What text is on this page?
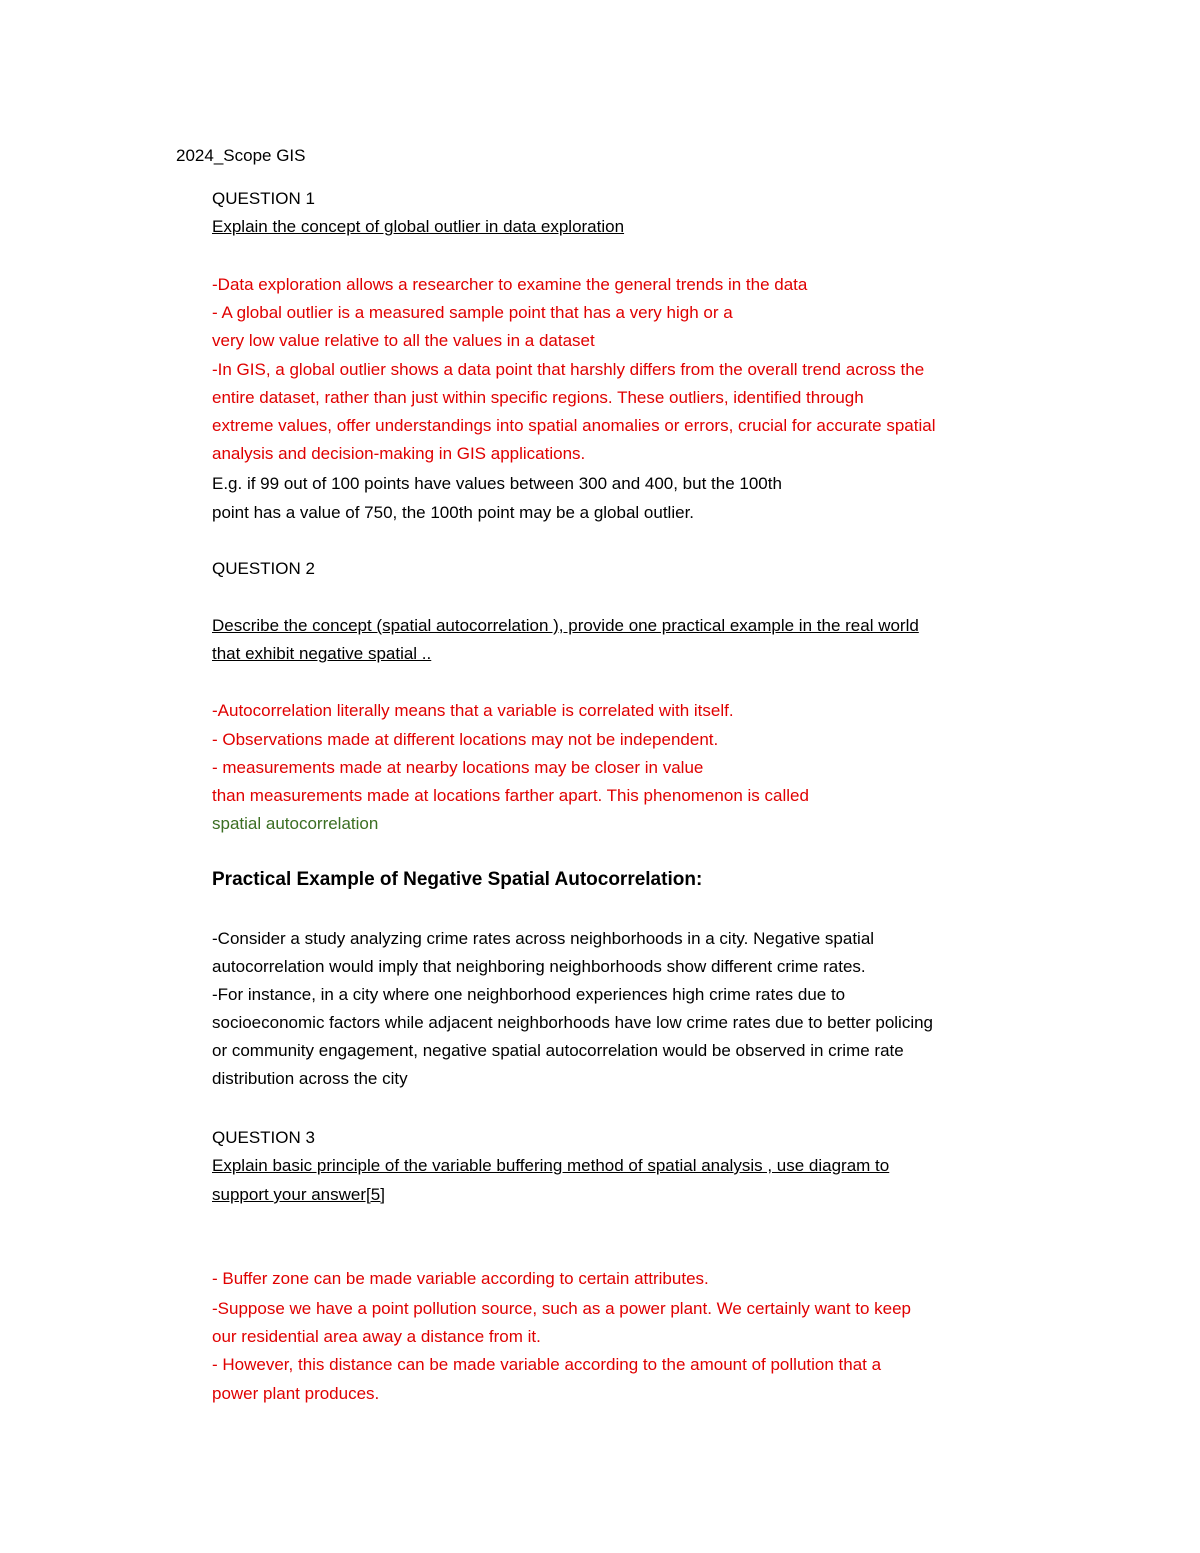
2024_Scope GIS
QUESTION 1
Explain the concept of global outlier in data exploration
-Data exploration allows a researcher to examine the general trends in the data
- A global outlier is a measured sample point that has a very high or a
very low value relative to all the values in a dataset
-In GIS, a global outlier shows a data point that harshly differs from the overall trend across the
entire dataset, rather than just within specific regions. These outliers, identified through
extreme values, offer understandings into spatial anomalies or errors, crucial for accurate spatial
analysis and decision-making in GIS applications.
E.g. if 99 out of 100 points have values between 300 and 400, but the 100th
point has a value of 750, the 100th point may be a global outlier.
QUESTION 2
Describe the concept (spatial autocorrelation ), provide one practical example in the real world
that exhibit negative spatial ..
-Autocorrelation literally means that a variable is correlated with itself.
- Observations made at different locations may not be independent.
- measurements made at nearby locations may be closer in value
than measurements made at locations farther apart. This phenomenon is called
spatial autocorrelation
Practical Example of Negative Spatial Autocorrelation:
-Consider a study analyzing crime rates across neighborhoods in a city. Negative spatial
autocorrelation would imply that neighboring neighborhoods show different crime rates.
-For instance, in a city where one neighborhood experiences high crime rates due to
socioeconomic factors while adjacent neighborhoods have low crime rates due to better policing
or community engagement, negative spatial autocorrelation would be observed in crime rate
distribution across the city
QUESTION 3
Explain basic principle of the variable buffering method of spatial analysis , use diagram to
support your answer[5]
- Buffer zone can be made variable according to certain attributes.
-Suppose we have a point pollution source, such as a power plant. We certainly want to keep
our residential area away a distance from it.
- However, this distance can be made variable according to the amount of pollution that a
power plant produces.
